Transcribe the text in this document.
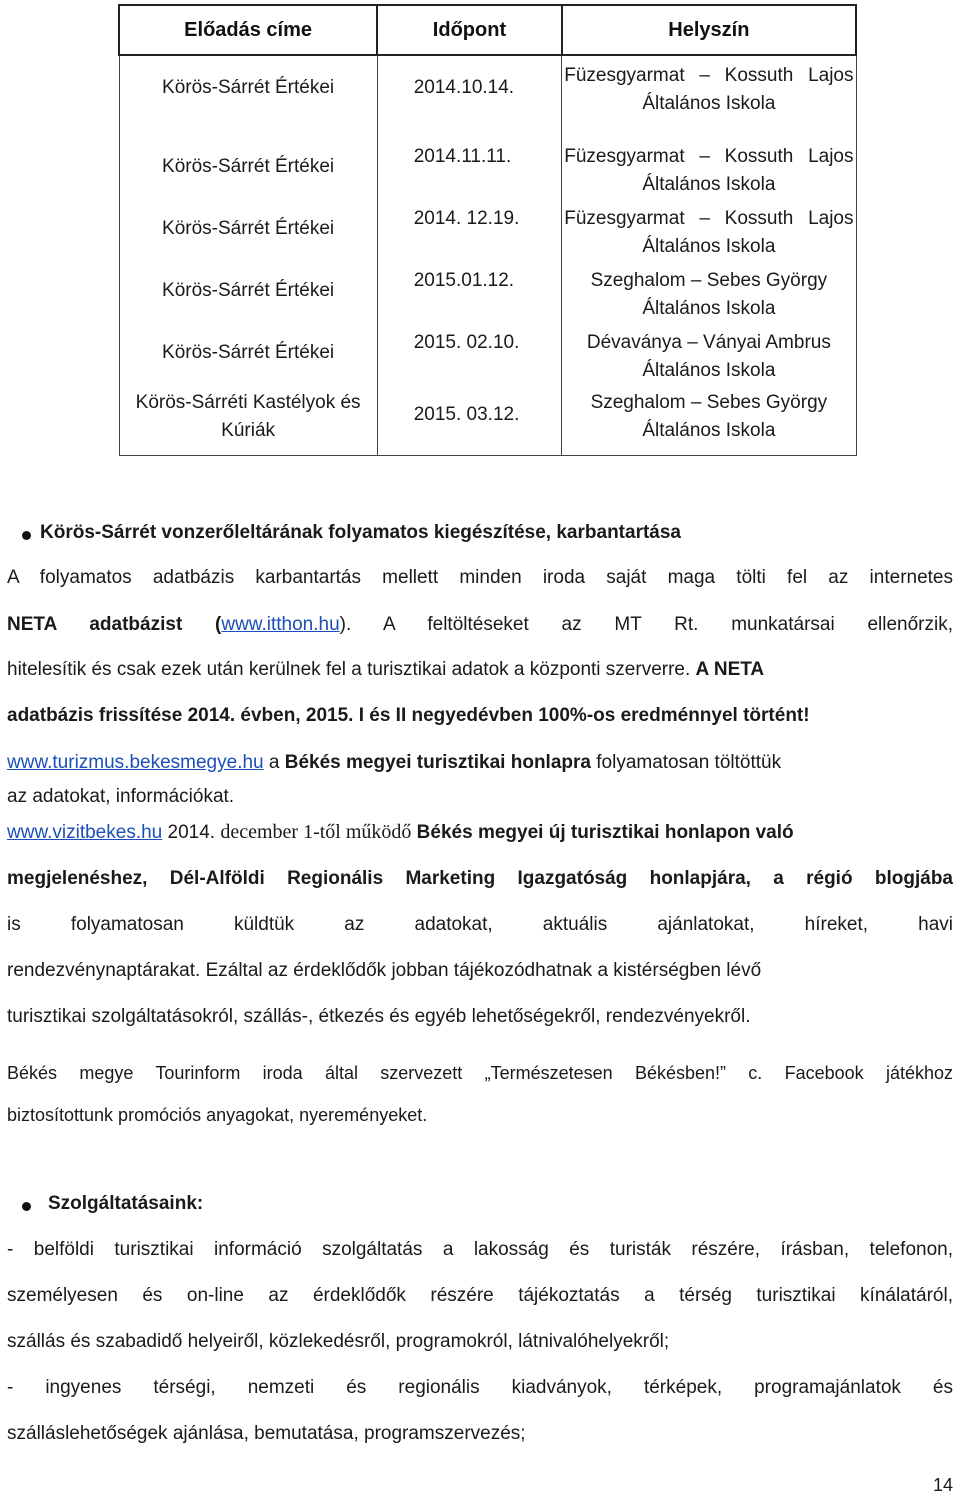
Előadás címe	Időpont	Helyszín
Körös-Sárrét Értékei	2014.10.14.	Füzesgyarmat – Kossuth Lajos
Általános Iskola

Körös-Sárrét Értékei	2014.11.11.	Füzesgyarmat – Kossuth Lajos
Általános Iskola

Körös-Sárrét Értékei	2014. 12.19.	Füzesgyarmat – Kossuth Lajos
Általános Iskola

Körös-Sárrét Értékei	2015.01.12.	Szeghalom – Sebes György
Általános Iskola

Körös-Sárrét Értékei	2015. 02.10.	Dévaványa – Ványai Ambrus
Általános Iskola

Körös-Sárréti Kastélyok és
Kúriák	2015. 03.12.	Szeghalom – Sebes György
Általános Iskola
Körös-Sárrét vonzerőleltárának folyamatos kiegészítése, karbantartása
A folyamatos adatbázis karbantartás mellett minden iroda saját maga tölti fel az internetes
NETA adatbázist (www.itthon.hu). A feltöltéseket az MT Rt. munkatársai ellenőrzik,
hitelesítik és csak ezek után kerülnek fel a turisztikai adatok a központi szerverre. A NETA
adatbázis frissítése 2014. évben, 2015. I és II negyedévben 100%-os eredménnyel történt!
www.turizmus.bekesmegye.hu a Békés megyei turisztikai honlapra folyamatosan töltöttük
az adatokat, információkat.
www.vizitbekes.hu 2014. december 1-től működő Békés megyei új turisztikai honlapon való
megjelenéshez, Dél-Alföldi Regionális Marketing Igazgatóság honlapjára, a régió blogjába
is folyamatosan küldtük az adatokat, aktuális ajánlatokat, híreket, havi
rendezvénynaptárakat. Ezáltal az érdeklődők jobban tájékozódhatnak a kistérségben lévő
turisztikai szolgáltatásokról, szállás-, étkezés és egyéb lehetőségekről, rendezvényekről.
Békés megye Tourinform iroda által szervezett „Természetesen Békésben!” c. Facebook játékhoz
biztosítottunk promóciós anyagokat, nyereményeket.
Szolgáltatásaink:
- belföldi turisztikai információ szolgáltatás a lakosság és turisták részére, írásban, telefonon,
személyesen és on-line az érdeklődők részére tájékoztatás a térség turisztikai kínálatáról,
szállás és szabadidő helyeiről, közlekedésről, programokról, látnivalóhelyekről;
- ingyenes térségi, nemzeti és regionális kiadványok, térképek, programajánlatok és
szálláslehetőségek ajánlása, bemutatása, programszervezés;
14
